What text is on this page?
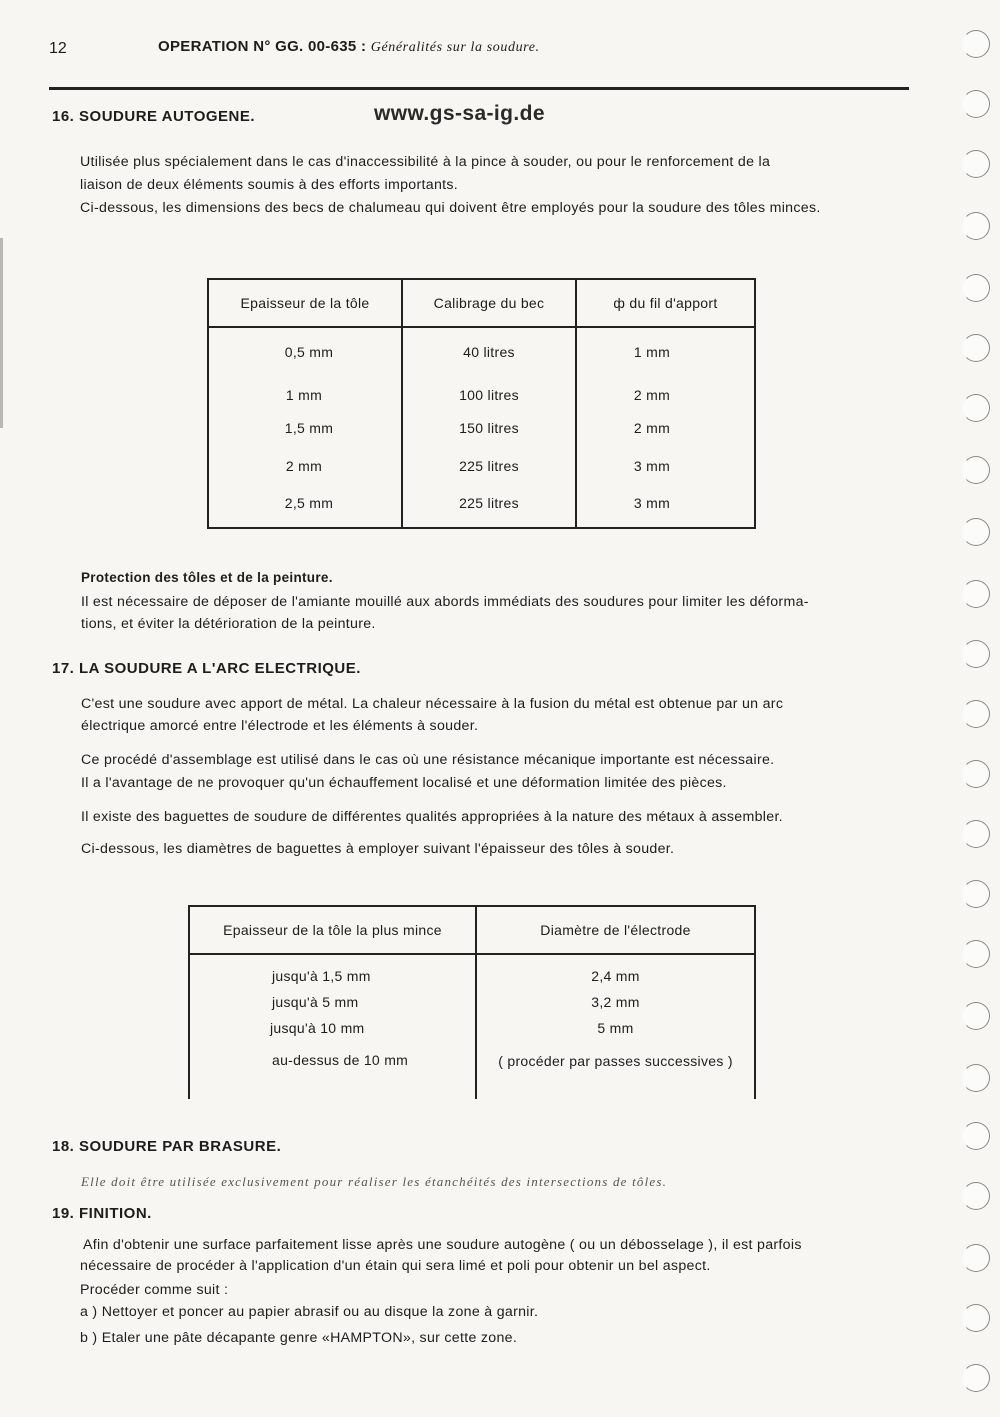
12	OPERATION N° GG. 00-635 : Généralités sur la soudure.
www.gs-sa-ig.de
16. SOUDURE AUTOGENE.
Utilisée plus spécialement dans le cas d'inaccessibilité à la pince à souder, ou pour le renforcement de la
liaison de deux éléments soumis à des efforts importants.
Ci-dessous, les dimensions des becs de chalumeau qui doivent être employés pour la soudure des tôles minces.
Epaisseur de la tôle	Calibrage du bec	ф du fil d'apport
0,5 mm	40 litres	1 mm
1 mm	100 litres	2 mm
1,5 mm	150 litres	2 mm
2 mm	225 litres	3 mm
2,5 mm	225 litres	3 mm
Protection des tôles et de la peinture.
Il est nécessaire de déposer de l'amiante mouillé aux abords immédiats des soudures pour limiter les déforma-
tions, et éviter la détérioration de la peinture.
17. LA SOUDURE A L'ARC ELECTRIQUE.
C'est une soudure avec apport de métal. La chaleur nécessaire à la fusion du métal est obtenue par un arc
électrique amorcé entre l'électrode et les éléments à souder.
Ce procédé d'assemblage est utilisé dans le cas où une résistance mécanique importante est nécessaire.
Il a l'avantage de ne provoquer qu'un échauffement localisé et une déformation limitée des pièces.
Il existe des baguettes de soudure de différentes qualités appropriées à la nature des métaux à assembler.
Ci-dessous, les diamètres de baguettes à employer suivant l'épaisseur des tôles à souder.
Epaisseur de la tôle la plus mince	Diamètre de l'électrode
jusqu'à 1,5 mm	2,4 mm
jusqu'à 5 mm	3,2 mm
jusqu'à 10 mm	5 mm
au-dessus de 10 mm	( procéder par passes successives )
18. SOUDURE PAR BRASURE.
Elle doit être utilisée exclusivement pour réaliser les étanchéités des intersections de tôles.
19. FINITION.
Afin d'obtenir une surface parfaitement lisse après une soudure autogène ( ou un débosselage ), il est parfois
nécessaire de procéder à l'application d'un étain qui sera limé et poli pour obtenir un bel aspect.
Procéder comme suit :
a ) Nettoyer et poncer au papier abrasif ou au disque la zone à garnir.
b ) Etaler une pâte décapante genre «HAMPTON», sur cette zone.
